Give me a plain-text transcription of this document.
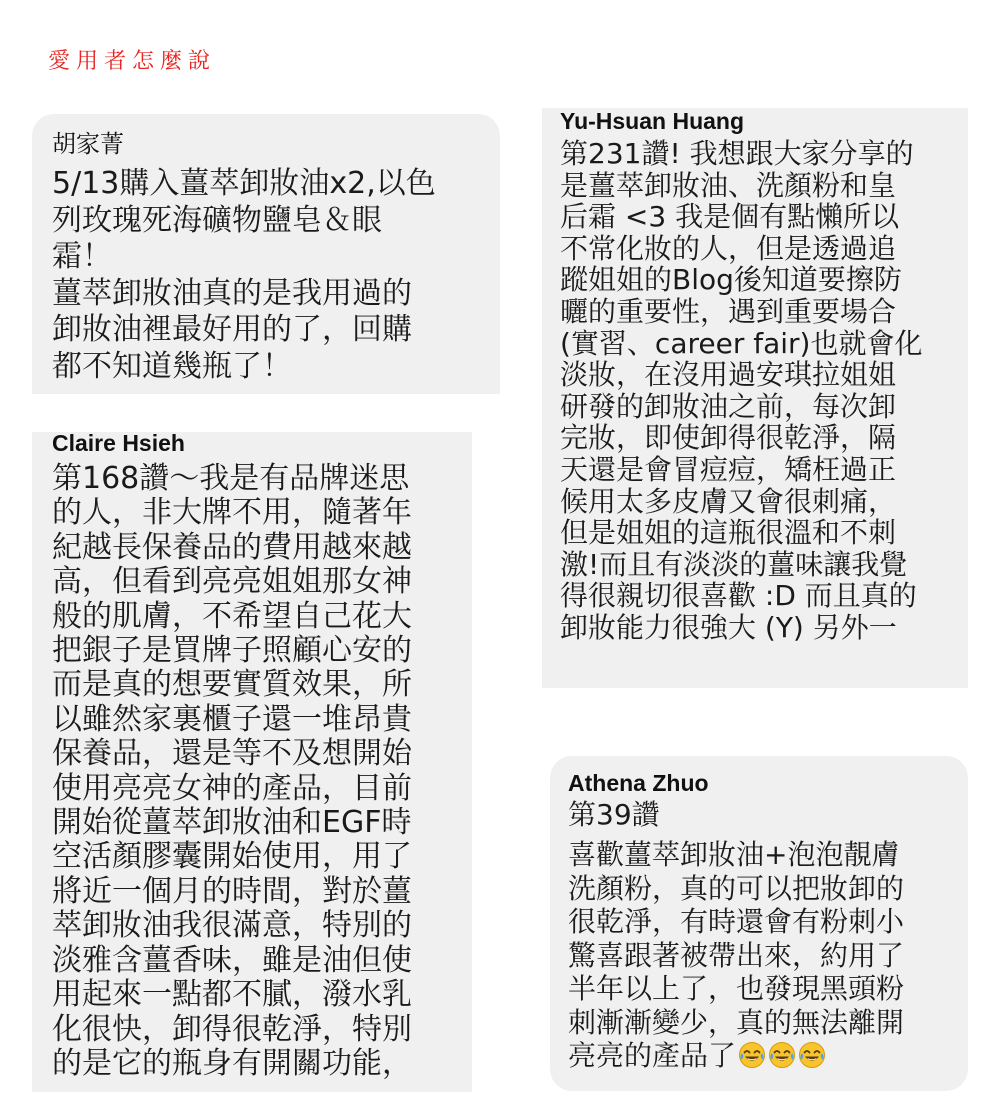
愛用者怎麼說
胡家菁
5/13購入薑萃卸妝油x2,以色
列玫瑰死海礦物鹽皂＆眼
霜！
薑萃卸妝油真的是我用過的
卸妝油裡最好用的了，回購
都不知道幾瓶了！
Claire Hsieh
第168讚～我是有品牌迷思
的人，非大牌不用，隨著年
紀越長保養品的費用越來越
高，但看到亮亮姐姐那女神
般的肌膚，不希望自己花大
把銀子是買牌子照顧心安的
而是真的想要實質效果，所
以雖然家裏櫃子還一堆昂貴
保養品，還是等不及想開始
使用亮亮女神的產品，目前
開始從薑萃卸妝油和EGF時
空活顏膠囊開始使用，用了
將近一個月的時間，對於薑
萃卸妝油我很滿意，特別的
淡雅含薑香味，雖是油但使
用起來一點都不膩，潑水乳
化很快，卸得很乾淨，特別
的是它的瓶身有開關功能，
Yu-Hsuan Huang
第231讚! 我想跟大家分享的
是薑萃卸妝油、洗顏粉和皇
后霜 <3 我是個有點懶所以
不常化妝的人，但是透過追
蹤姐姐的Blog後知道要擦防
曬的重要性，遇到重要場合
(實習、career fair)也就會化
淡妝，在沒用過安琪拉姐姐
研發的卸妝油之前，每次卸
完妝，即使卸得很乾淨，隔
天還是會冒痘痘，矯枉過正
候用太多皮膚又會很刺痛，
但是姐姐的這瓶很溫和不刺
激!而且有淡淡的薑味讓我覺
得很親切很喜歡 :D 而且真的
卸妝能力很強大 (Y) 另外一
Athena Zhuo
第39讚
喜歡薑萃卸妝油+泡泡靚膚
洗顏粉，真的可以把妝卸的
很乾淨，有時還會有粉刺小
驚喜跟著被帶出來，約用了
半年以上了，也發現黑頭粉
刺漸漸變少，真的無法離開
亮亮的產品了
